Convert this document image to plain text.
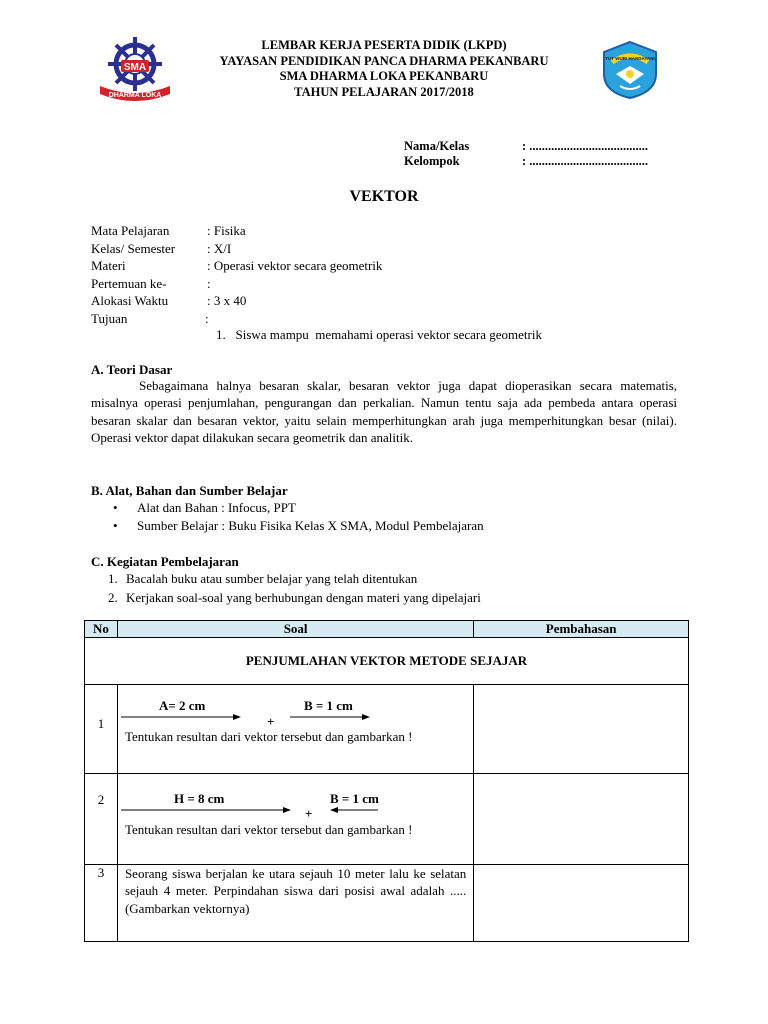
SMA
DHARMA LOKA
TUT WURI HANDAYANI
LEMBAR KERJA PESERTA DIDIK (LKPD)
YAYASAN PENDIDIKAN PANCA DHARMA PEKANBARU
SMA DHARMA LOKA PEKANBARU
TAHUN PELAJARAN 2017/2018
Nama/Kelas	: ......................................
Kelompok	: ......................................
VEKTOR
Mata Pelajaran	: Fisika
Kelas/ Semester : X/I
Materi	: Operasi vektor secara geometrik
Pertemuan ke-	:
Alokasi Waktu	: 3 x 40
Tujuan	:
1.   Siswa mampu  memahami operasi vektor secara geometrik
A. Teori Dasar
Sebagaimana halnya besaran skalar, besaran vektor juga dapat dioperasikan secara matematis, misalnya operasi penjumlahan, pengurangan dan perkalian. Namun tentu saja ada pembeda antara operasi besaran skalar dan besaran vektor, yaitu selain memperhitungkan arah juga memperhitungkan besar (nilai). Operasi vektor dapat dilakukan secara geometrik dan analitik.
B. Alat, Bahan dan Sumber Belajar
• Alat dan Bahan : Infocus, PPT
• Sumber Belajar : Buku Fisika Kelas X SMA, Modul Pembelajaran
C. Kegiatan Pembelajaran
1. Bacalah buku atau sumber belajar yang telah ditentukan
2. Kerjakan soal-soal yang berhubungan dengan materi yang dipelajari
No	Soal	Pembahasan
PENJUMLAHAN VEKTOR METODE SEJAJAR		

1	A= 2 cm
+
B = 1 cm
Tentukan resultan dari vektor tersebut dan gambarkan !	

2	H = 8 cm
+
B = 1 cm
Tentukan resultan dari vektor tersebut dan gambarkan !	

3	Seorang siswa berjalan ke utara sejauh 10 meter lalu ke selatan sejauh 4 meter. Perpindahan siswa dari posisi awal adalah ..... (Gambarkan vektornya)	
